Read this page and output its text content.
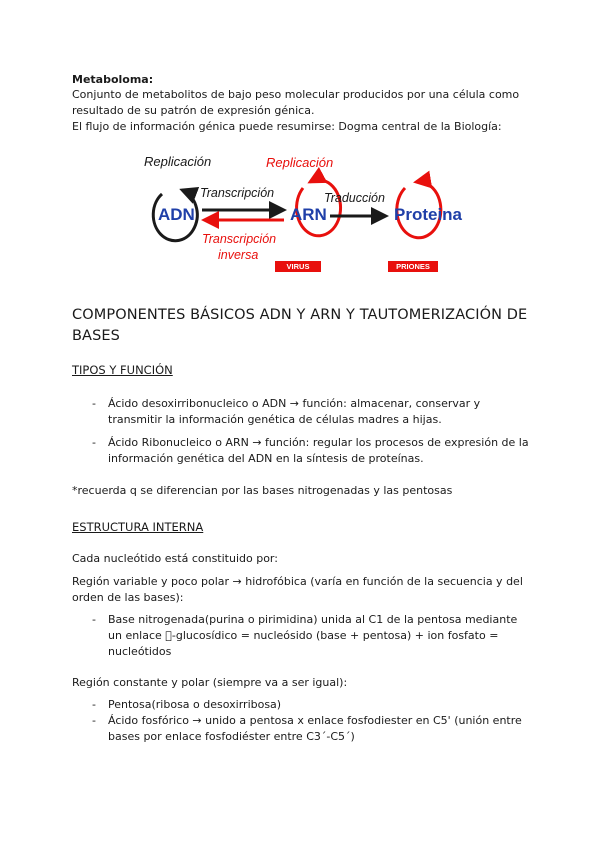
Metaboloma:

Conjunto de metabolitos de bajo peso molecular producidos por una célula como

resultado de su patrón de expresión génica.

El flujo de información génica puede resumirse: Dogma central de la Biología:

Replicación	Replicación
Transcripción
Transcripción
inversa
Traducción
ADN	ARN	Proteina
VIRUS	PRIONES
COMPONENTES BÁSICOS ADN Y ARN Y TAUTOMERIZACIÓN DE
BASES
TIPOS Y FUNCIÓN
- Ácido desoxirribonucleico o ADN → función: almacenar, conservar y
transmitir la información genética de células madres a hijas.
- Ácido Ribonucleico o ARN → función: regular los procesos de expresión de la
información genética del ADN en la síntesis de proteínas.

*recuerda q se diferencian por las bases nitrogenadas y las pentosas

ESTRUCTURA INTERNA

Cada nucleótido está constituido por:

Región variable y poco polar → hidrofóbica (varía en función de la secuencia y del

orden de las bases):

- Base nitrogenada(purina o pirimidina) unida al C1 de la pentosa mediante
un enlace  -glucosídico = nucleósido (base + pentosa) + ion fosfato =
nucleótidos

Región constante y polar (siempre va a ser igual):

- Pentosa(ribosa o desoxirribosa)
- Ácido fosfórico → unido a pentosa x enlace fosfodiester en C5' (unión entre
bases por enlace fosfodiéster entre C3´-C5´)
